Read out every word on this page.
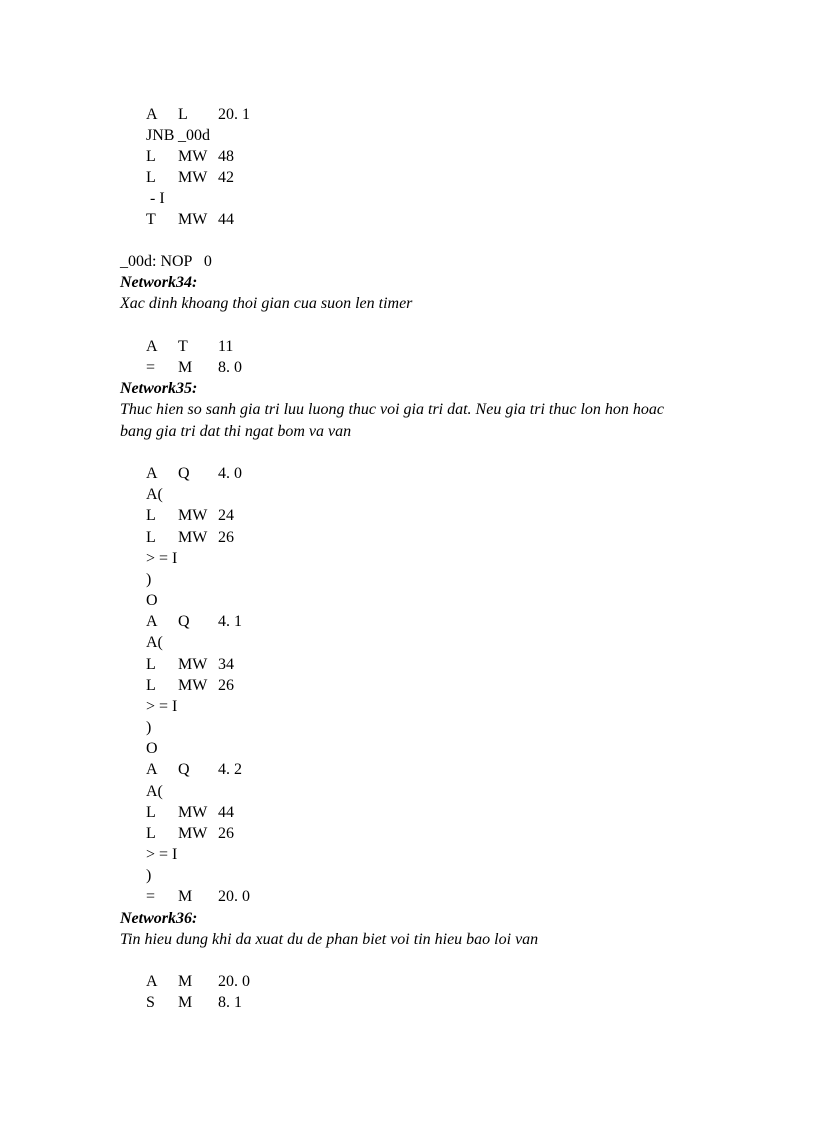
A L 20. 1
JNB _00d
L MW 48
L MW 42
- I
T MW 44

_00d: NOP   0

Network34:
Xac dinh khoang thoi gian cua suon len timer
A T 11
= M 8. 0
Network35:
Thuc hien so sanh gia tri luu luong thuc voi gia tri dat. Neu gia tri thuc lon hon hoac bang gia tri dat thi ngat bom va van
A Q 4. 0
A(
L MW 24
L MW 26
> = I
)
O
A Q 4. 1
A(
L MW 34
L MW 26
> = I
)
O
A Q 4. 2
A(
L MW 44
L MW 26
> = I
)
= M 20. 0
Network36:
Tin hieu dung khi da xuat du de phan biet voi tin hieu bao loi van
A M 20. 0
S M 8. 1
